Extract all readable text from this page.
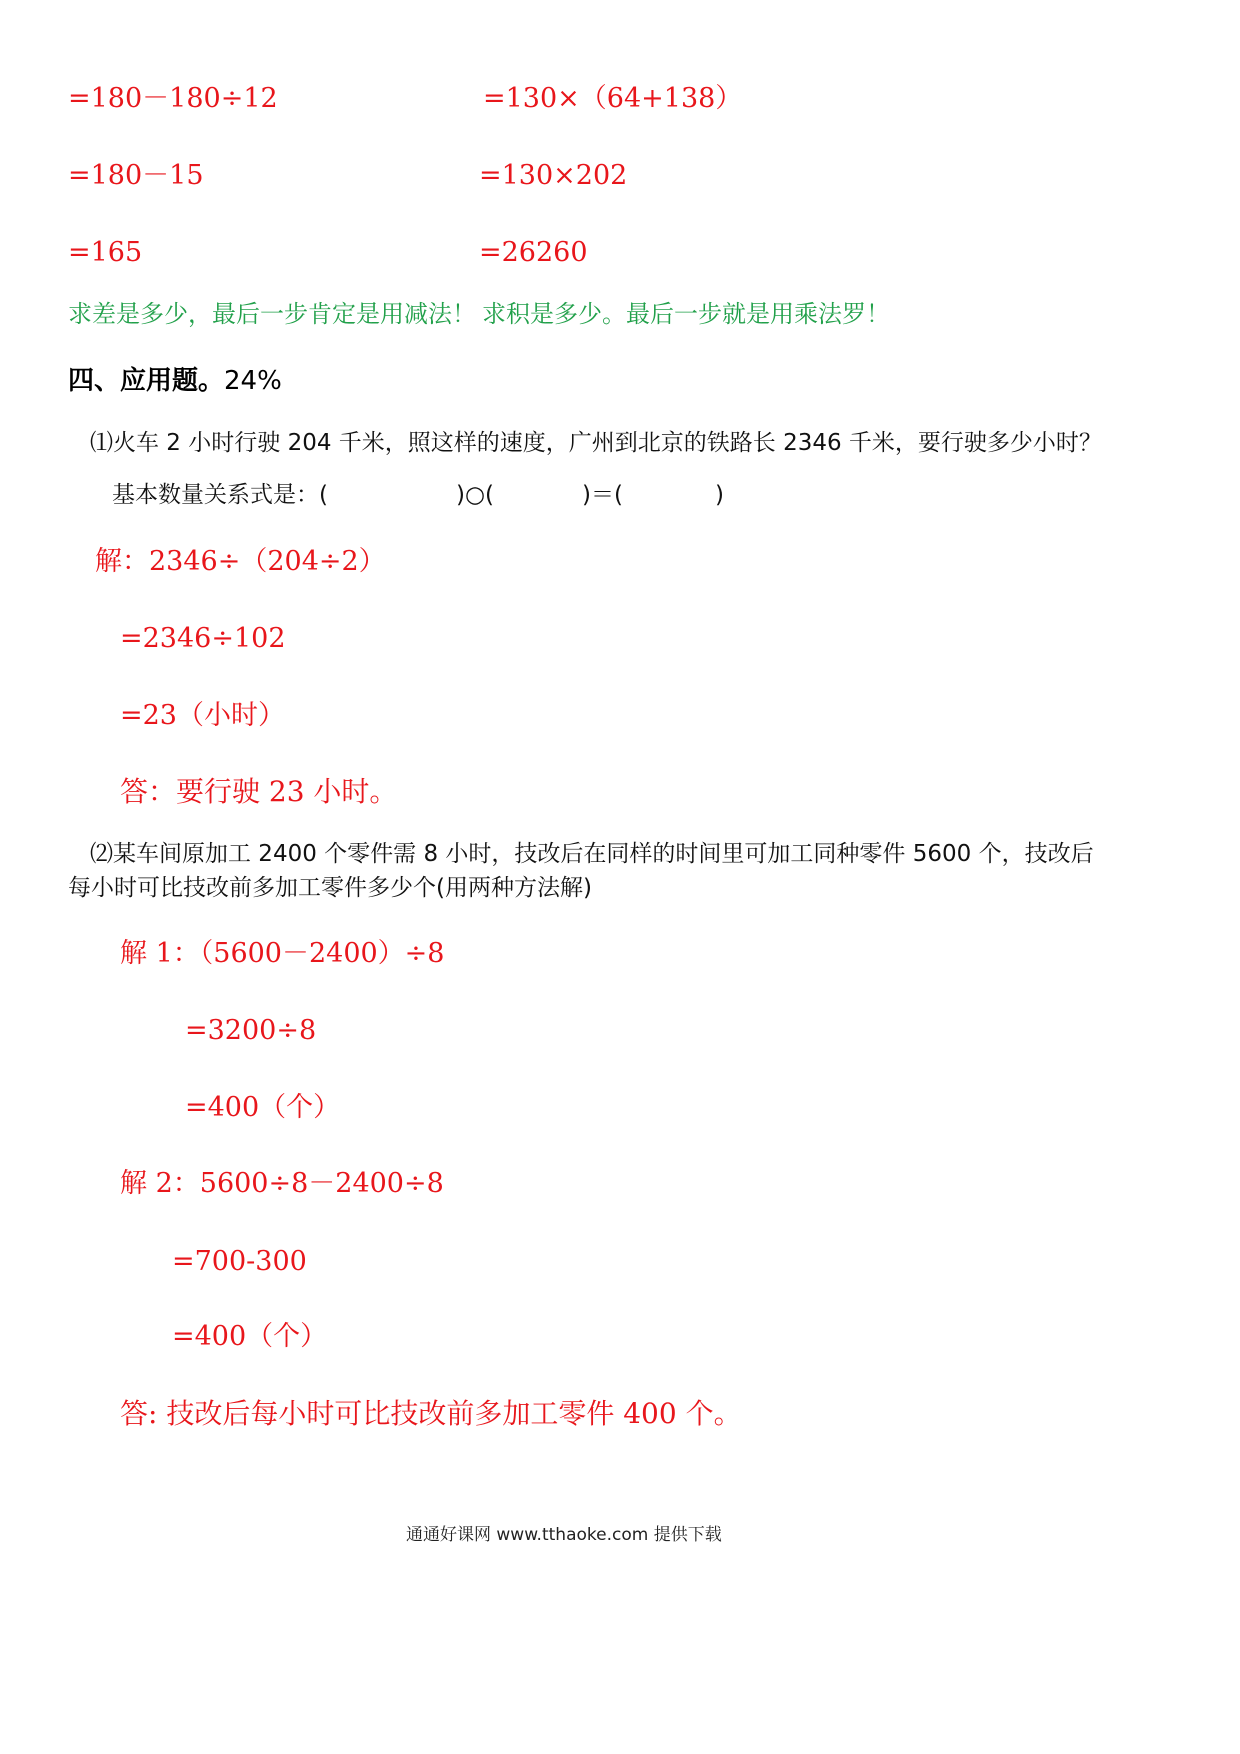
=180－180÷12	=130×（64+138）
=180－15	=130×202
=165	=26260
求差是多少，最后一步肯定是用减法！ 求积是多少。最后一步就是用乘法罗！
四、应用题。24%
⑴火车 2 小时行驶 204 千米，照这样的速度，广州到北京的铁路长 2346 千米，要行驶多少小时？
基本数量关系式是：(	)○(	)＝(	)
解：2346÷（204÷2）
=2346÷102
=23（小时）
答：要行驶 23 小时。
⑵某车间原加工 2400 个零件需 8 小时，技改后在同样的时间里可加工同种零件 5600 个，技改后
每小时可比技改前多加工零件多少个(用两种方法解)
解 1：（5600－2400）÷8
=3200÷8
=400（个）
解 2：5600÷8－2400÷8
=700-300
=400（个）
答: 技改后每小时可比技改前多加工零件 400 个。
通通好课网 www.tthaoke.com 提供下载
